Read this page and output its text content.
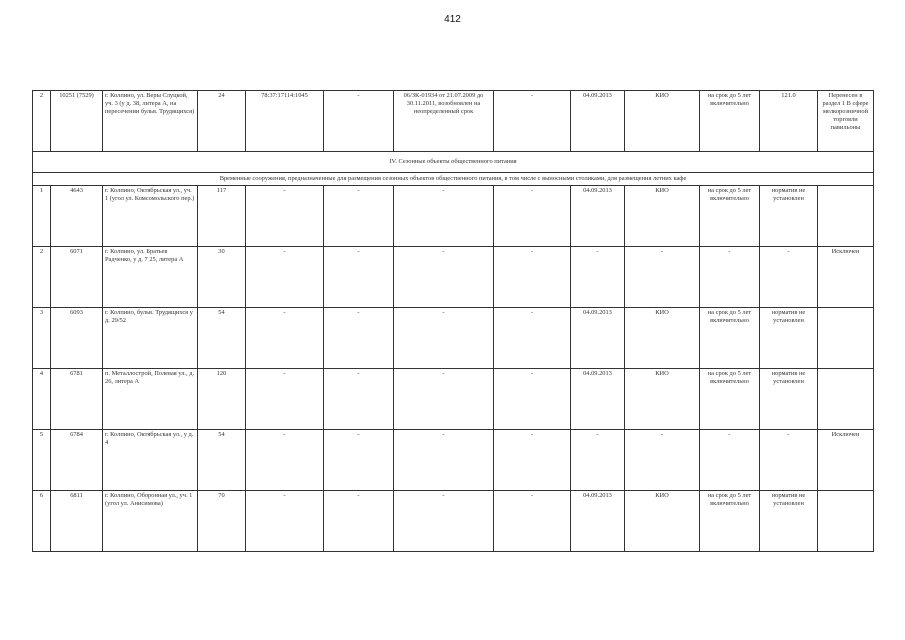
412
2	10251 (7529)	г. Колпино, ул. Веры Слуцкой, уч. 3 (у д. 38, литера А, на пересечении бульв. Трудящихся)	24	78:37:17114:1045	-	06/ЗК-01934 от 21.07.2009 до 30.11.2011, возобновлен на неопределенный срок	-	04.09.2013	КИО	на срок до 5 лет включительно	121.0	Перенесен в раздел 1 В сфере мелкорозничной торговли павильоны
IV. Сезонные объекты общественного питания												
Временные сооружения, предназначенные для размещения сезонных объектов общественного питания, в том числе с выносными столиками, для размещения летних кафе												
1	4643	г. Колпино, Октябрьская ул., уч. 1 (угол ул. Комсомольского пер.)	117	-	-	-	-	04.09.2013	КИО	на срок до 5 лет включительно	норматив не установлен	
2	6071	г. Колпино, ул. Братьев Радченко, у д. 7 25, литера А	30	-	-	-	-	-	-	-	-	Исключен
3	6093	г. Колпино, бульв. Трудящихся у д. 29/52	54	-	-	-	-	04.09.2013	КИО	на срок до 5 лет включительно	норматив не установлен	
4	6781	п. Металлострой, Полевая ул., д. 26, литера А	120	-	-	-	-	04.09.2013	КИО	на срок до 5 лет включительно	норматив не установлен	
5	6784	г. Колпино, Октябрьская ул., у д. 4	54	-	-	-	-	-	-	-	-	Исключен
6	6811	г. Колпино, Оборонная ул., уч. 1 (угол ул. Анисимова)	70	-	-	-	-	04.09.2013	КИО	на срок до 5 лет включительно	норматив не установлен	
